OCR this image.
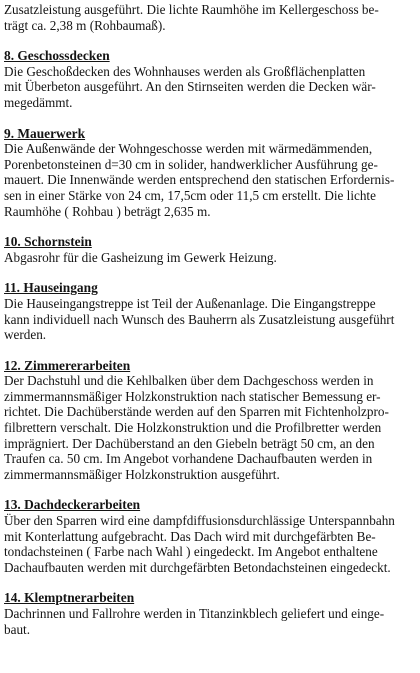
Zusatzleistung ausgeführt. Die lichte Raumhöhe im Kellergeschoss be-

trägt ca. 2,38 m (Rohbaumaß).

8. Geschossdecken

Die Geschoßdecken des Wohnhauses werden als Großflächenplatten

mit Überbeton ausgeführt. An den Stirnseiten werden die Decken wär-

megedämmt.

9. Mauerwerk

Die Außenwände der Wohngeschosse werden mit wärmedämmenden,

Porenbetonsteinen d=30 cm in solider, handwerklicher Ausführung ge-

mauert. Die Innenwände werden entsprechend den statischen Erfordernis-

sen in einer Stärke von 24 cm, 17,5cm oder 11,5 cm erstellt. Die lichte

Raumhöhe ( Rohbau ) beträgt 2,635 m.

10. Schornstein

Abgasrohr für die Gasheizung im Gewerk Heizung.

11. Hauseingang

Die Hauseingangstreppe ist Teil der Außenanlage. Die Eingangstreppe

kann individuell nach Wunsch des Bauherrn als Zusatzleistung ausgeführt

werden.

12. Zimmererarbeiten

Der Dachstuhl und die Kehlbalken über dem Dachgeschoss werden in

zimmermannsmäßiger Holzkonstruktion nach statischer Bemessung er-

richtet. Die Dachüberstände werden auf den Sparren mit Fichtenholzpro-

filbrettern verschalt. Die Holzkonstruktion und die Profilbretter werden

imprägniert. Der Dachüberstand an den Giebeln beträgt 50 cm, an den

Traufen ca. 50 cm. Im Angebot vorhandene Dachaufbauten werden in

zimmermannsmäßiger Holzkonstruktion ausgeführt.

13. Dachdeckerarbeiten

Über den Sparren wird eine dampfdiffusionsdurchlässige Unterspannbahn

mit Konterlattung aufgebracht. Das Dach wird mit durchgefärbten Be-

tondachsteinen ( Farbe nach Wahl ) eingedeckt. Im Angebot enthaltene

Dachaufbauten werden mit durchgefärbten Betondachsteinen eingedeckt.

14. Klemptnerarbeiten

Dachrinnen und Fallrohre werden in Titanzinkblech geliefert und einge-

baut.
